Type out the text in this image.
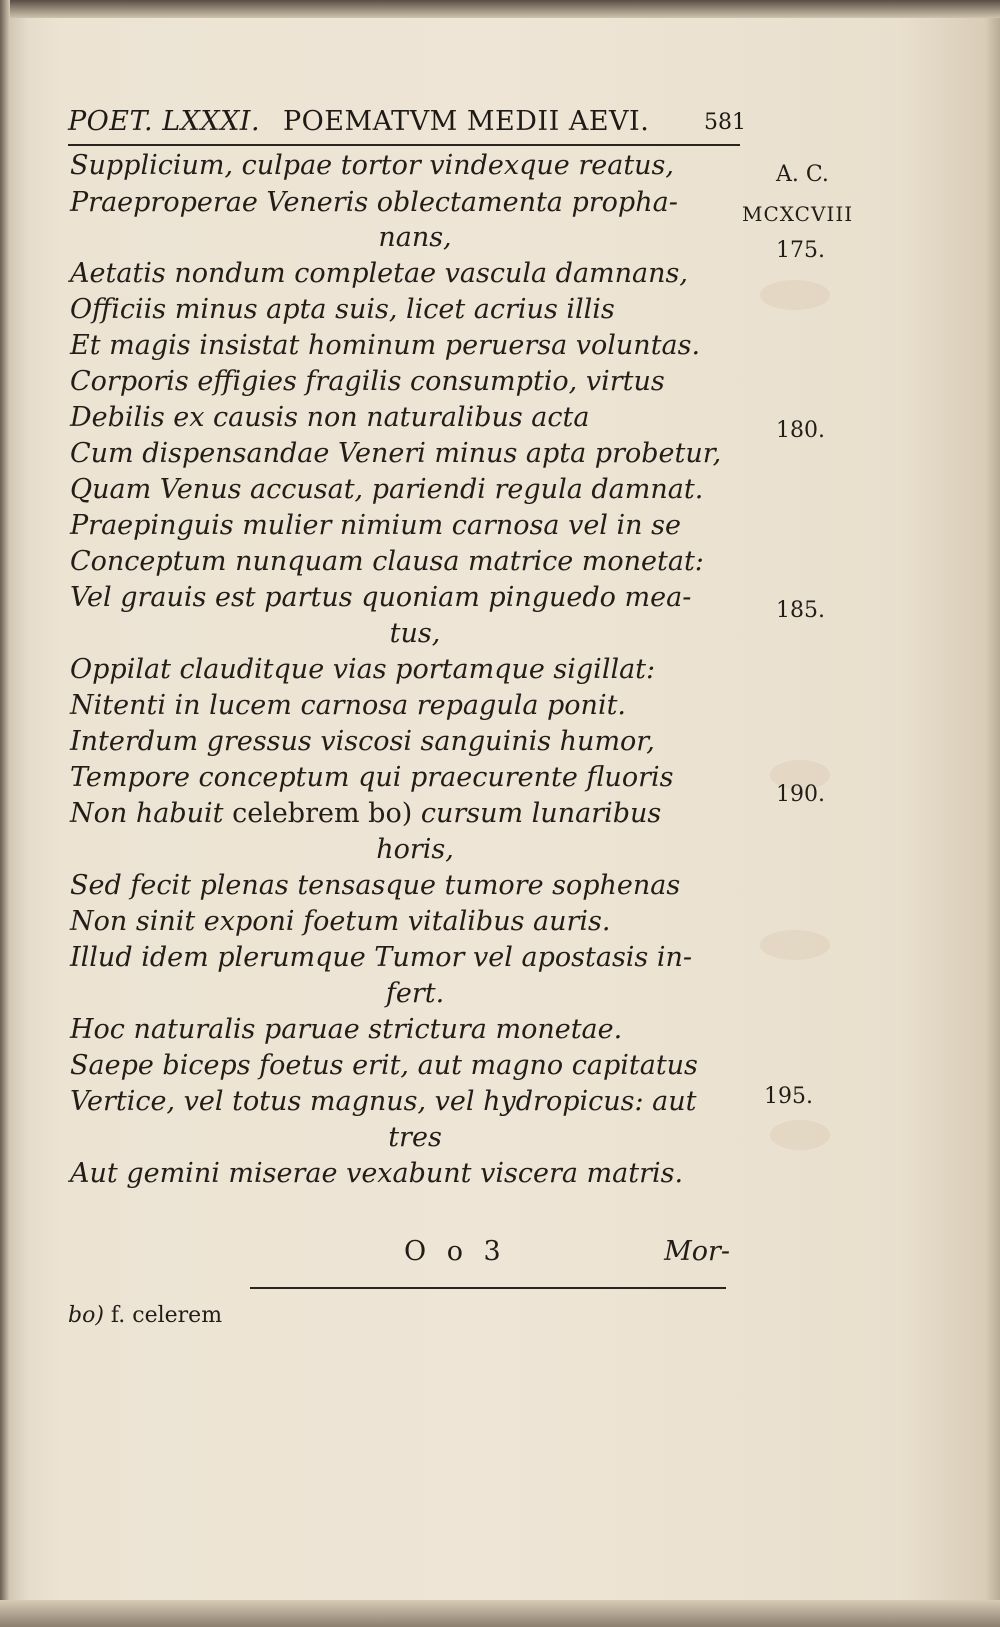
POET. LXXXI. POEMATVM MEDII AEVI. 581
Supplicium, culpae tortor vindexque reatus,
Praeproperae Veneris oblectamenta propha-
nans,
Aetatis nondum completae vascula damnans,
Officiis minus apta suis, licet acrius illis
Et magis insistat hominum peruersa voluntas.
Corporis effigies fragilis consumptio, virtus
Debilis ex causis non naturalibus acta
Cum dispensandae Veneri minus apta probetur,
Quam Venus accusat, pariendi regula damnat.
Praepinguis mulier nimium carnosa vel in se
Conceptum nunquam clausa matrice monetat:
Vel grauis est partus quoniam pinguedo mea-
tus,
Oppilat clauditque vias portamque sigillat:
Nitenti in lucem carnosa repagula ponit.
Interdum gressus viscosi sanguinis humor,
Tempore conceptum qui praecurente fluoris
Non habuit celebrem bo) cursum lunaribus
horis,
Sed fecit plenas tensasque tumore sophenas
Non sinit exponi foetum vitalibus auris.
Illud idem plerumque Tumor vel apostasis in-
fert.
Hoc naturalis paruae strictura monetae.
Saepe biceps foetus erit, aut magno capitatus
Vertice, vel totus magnus, vel hydropicus: aut
tres
Aut gemini miserae vexabunt viscera matris.
A. C.
MCXCVIII
175.
180.
185.
190.
195.
O o 3	Mor-
bo) f. celerem
